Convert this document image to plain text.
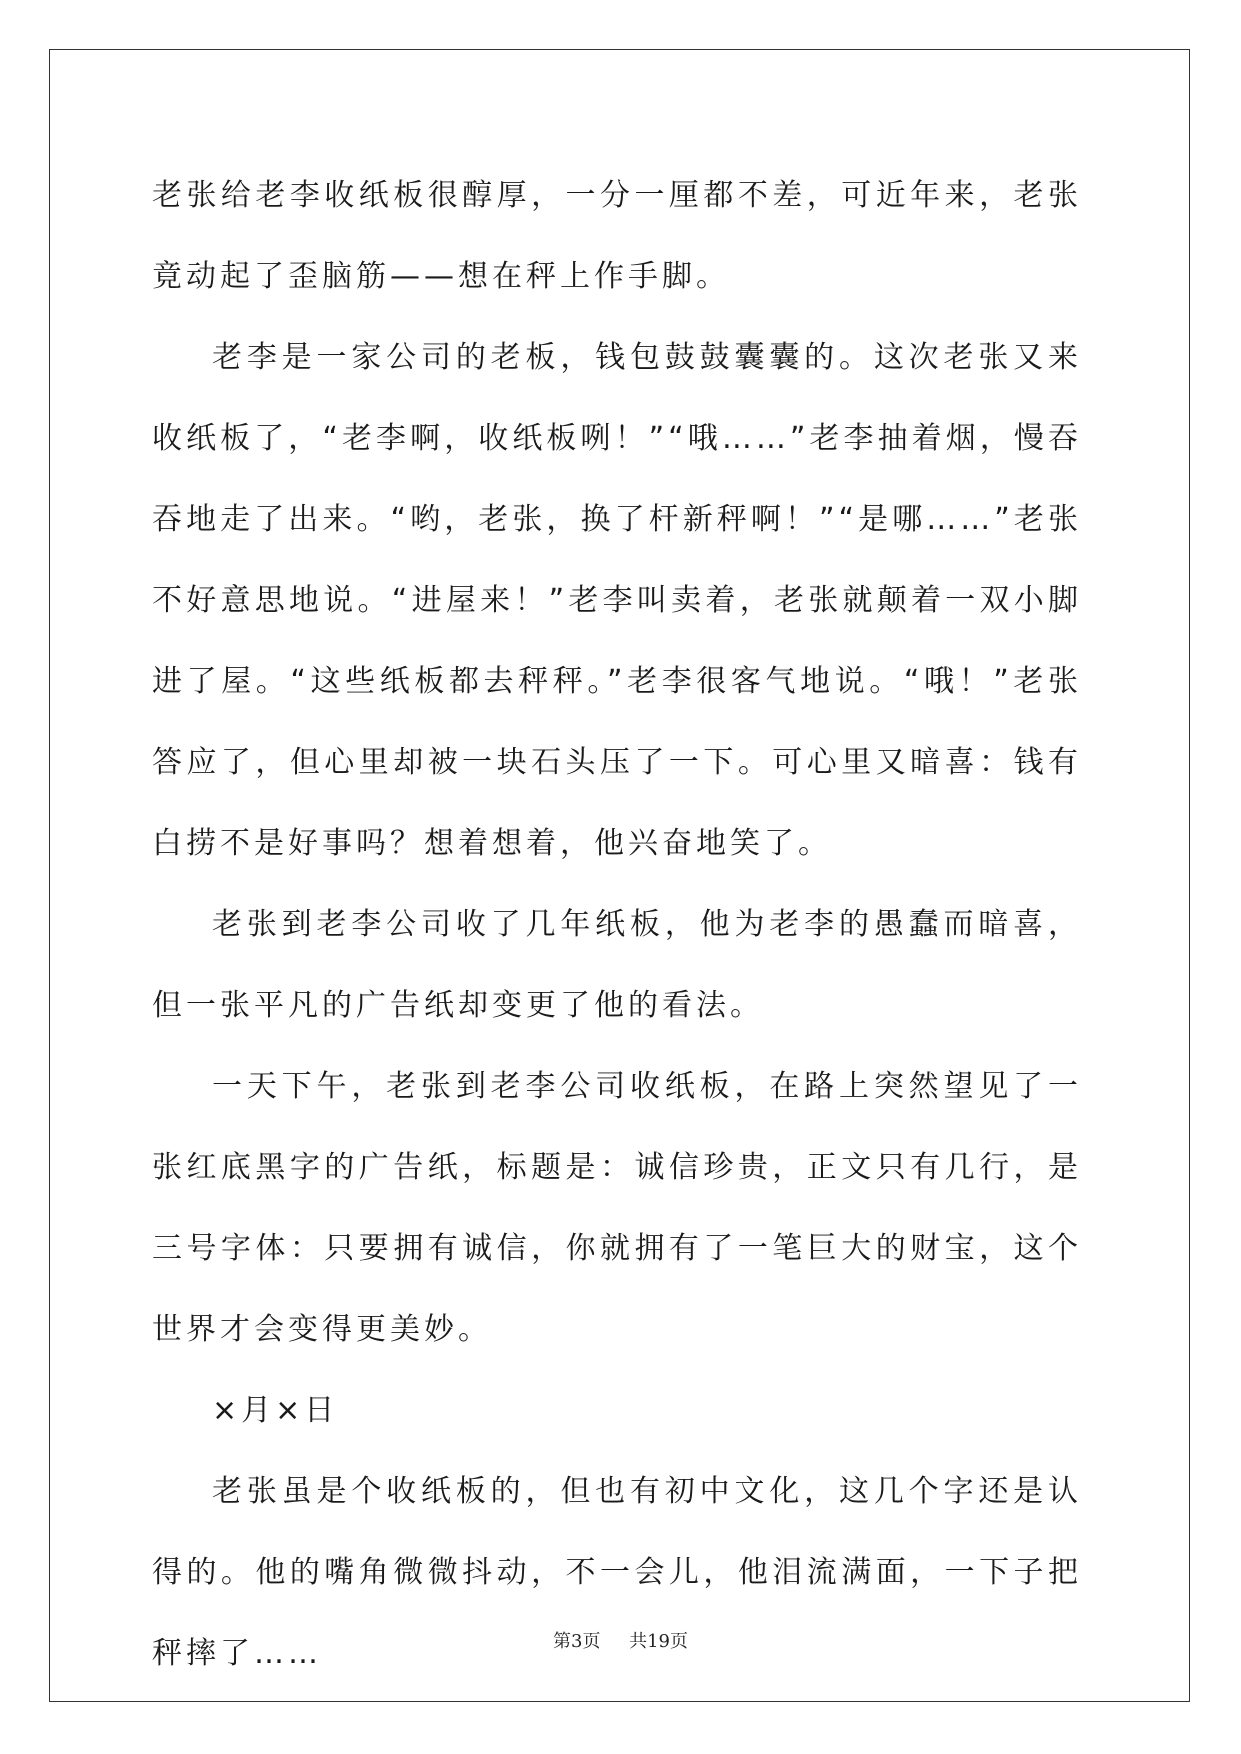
老张给老李收纸板很醇厚，一分一厘都不差，可近年来，老张竟动起了歪脑筋——想在秤上作手脚。

老李是一家公司的老板，钱包鼓鼓囊囊的。这次老张又来收纸板了，“老李啊，收纸板咧！”“哦……”老李抽着烟，慢吞吞地走了出来。“哟，老张，换了杆新秤啊！”“是哪……”老张不好意思地说。“进屋来！”老李叫卖着，老张就颠着一双小脚进了屋。“这些纸板都去秤秤。”老李很客气地说。“哦！”老张答应了，但心里却被一块石头压了一下。可心里又暗喜：钱有白捞不是好事吗？想着想着，他兴奋地笑了。

老张到老李公司收了几年纸板，他为老李的愚蠢而暗喜，但一张平凡的广告纸却变更了他的看法。

一天下午，老张到老李公司收纸板，在路上突然望见了一张红底黑字的广告纸，标题是：诚信珍贵，正文只有几行，是三号字体：只要拥有诚信，你就拥有了一笔巨大的财宝，这个世界才会变得更美妙。

×月×日

老张虽是个收纸板的，但也有初中文化，这几个字还是认得的。他的嘴角微微抖动，不一会儿，他泪流满面，一下子把秤摔了……	第3页 共19页
